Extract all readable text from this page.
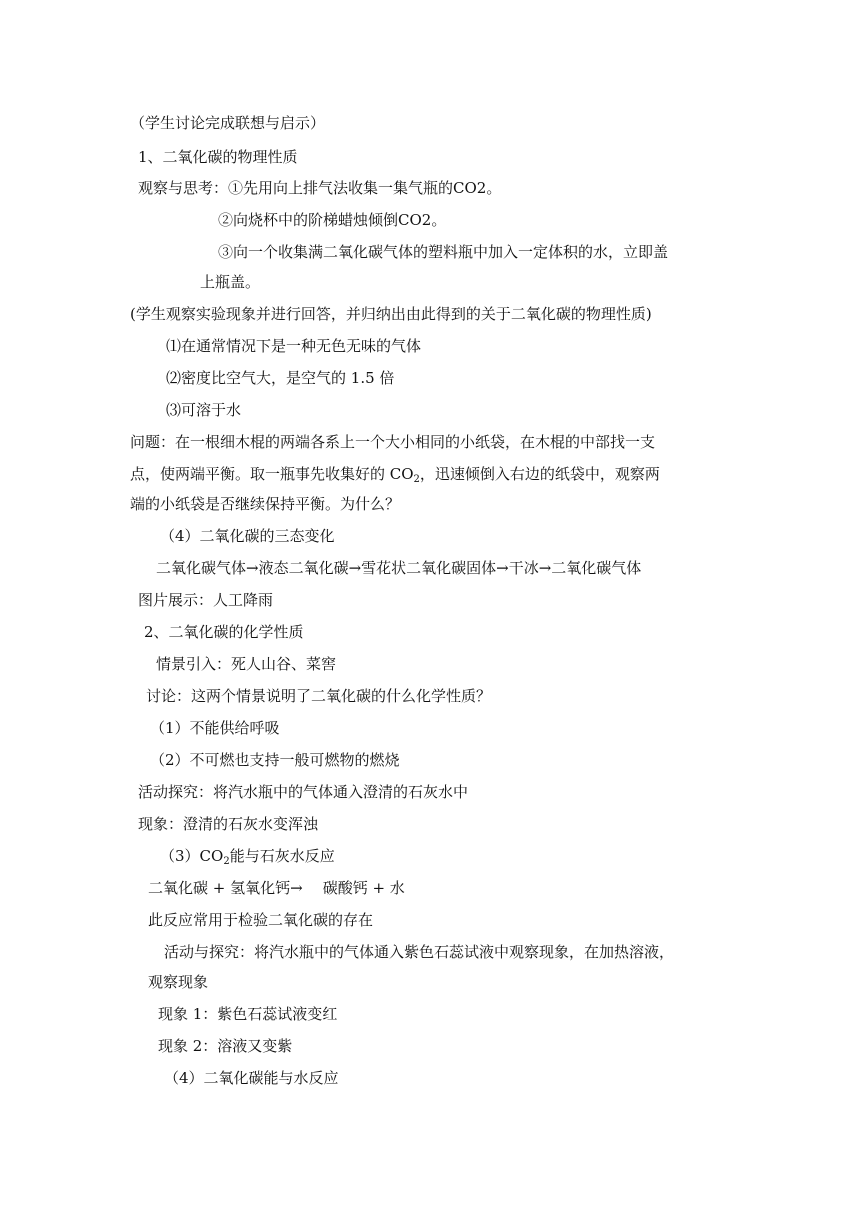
（学生讨论完成联想与启示）
1、二氧化碳的物理性质
观察与思考：①先用向上排气法收集一集气瓶的CO2。
②向烧杯中的阶梯蜡烛倾倒CO2。
③向一个收集满二氧化碳气体的塑料瓶中加入一定体积的水，立即盖
上瓶盖。
(学生观察实验现象并进行回答，并归纳出由此得到的关于二氧化碳的物理性质)
⑴在通常情况下是一种无色无味的气体
⑵密度比空气大，是空气的 1.5 倍
⑶可溶于水
问题：在一根细木棍的两端各系上一个大小相同的小纸袋，在木棍的中部找一支
点，使两端平衡。取一瓶事先收集好的 $CO_2$，迅速倾倒入右边的纸袋中，观察两
端的小纸袋是否继续保持平衡。为什么？
（4）二氧化碳的三态变化
二氧化碳气体→液态二氧化碳→雪花状二氧化碳固体→干冰→二氧化碳气体
图片展示：人工降雨
2、二氧化碳的化学性质
情景引入：死人山谷、菜窖
讨论：这两个情景说明了二氧化碳的什么化学性质？
（1）不能供给呼吸
（2）不可燃也支持一般可燃物的燃烧
活动探究：将汽水瓶中的气体通入澄清的石灰水中
现象：澄清的石灰水变浑浊
$(3)CO_2$能与石灰水反应
二氧化碳 + 氢氧化钙→ 碳酸钙 + 水
此反应常用于检验二氧化碳的存在
活动与探究：将汽水瓶中的气体通入紫色石蕊试液中观察现象，在加热溶液，
观察现象
现象 1：紫色石蕊试液变红
现象 2：溶液又变紫
（4）二氧化碳能与水反应
